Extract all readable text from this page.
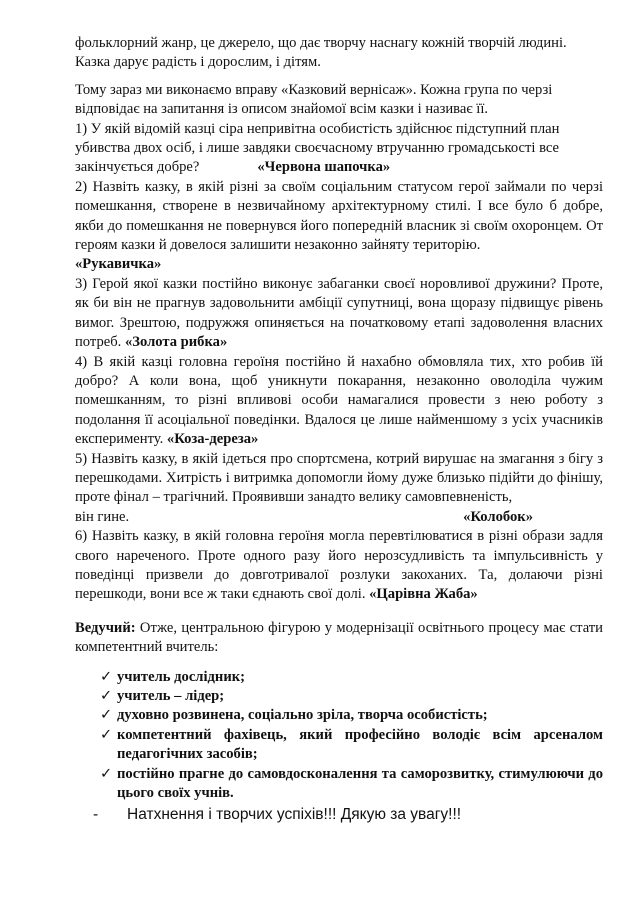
фольклорний жанр, це джерело, що дає творчу наснагу кожній творчій людині.

Казка дарує радість і дорослим, і дітям.

Тому зараз ми виконаємо вправу «Казковий вернісаж». Кожна група по черзі

відповідає на запитання із описом знайомої всім казки і називає її.

1) У якій відомій казці сіра непривітна особистість здійснює підступний план

убивства двох осіб, і лише завдяки своєчасному втручанню громадськості все

закінчується добре?	«Червона шапочка»

2) Назвіть казку, в якій різні за своїм соціальним статусом герої займали по черзі помешкання, створене в незвичайному архітектурному стилі. І все було б добре, якби до помешкання не повернувся його попередній власник зі своїм охоронцем. От героям казки й довелося залишити незаконно зайняту територію.

«Рукавичка»

3) Герой якої казки постійно виконує забаганки своєї норовливої дружини? Проте, як би він не прагнув задовольнити амбіції супутниці, вона щоразу підвищує рівень вимог. Зрештою, подружжя опиняється на початковому етапі задоволення власних потреб. «Золота рибка»

4) В якій казці головна героїня постійно й нахабно обмовляла тих, хто робив їй добро? А коли вона, щоб уникнути покарання, незаконно оволоділа чужим помешканням, то різні впливові особи намагалися провести з нею роботу з подолання її асоціальної поведінки. Вдалося це лише найменшому з усіх учасників експерименту. «Коза-дереза»

5) Назвіть казку, в якій ідеться про спортсмена, котрий вирушає на змагання з бігу з перешкодами. Хитрість і витримка допомогли йому дуже близько підійти до фінішу, проте фінал – трагічний. Проявивши занадто велику самовпевненість,

він гине.	«Колобок»

6) Назвіть казку, в якій головна героїня могла перевтілюватися в різні образи задля свого нареченого. Проте одного разу його нерозсудливість та імпульсивність у поведінці призвели до довготривалої розлуки закоханих. Та, долаючи різні перешкоди, вони все ж таки єднають свої долі. «Царівна Жаба»

Ведучий: Отже, центральною фігурою у модернізації освітнього процесу має стати компетентний вчитель:

✓ учитель дослідник;
✓ учитель – лідер;
✓ духовно розвинена, соціально зріла, творча особистість;
✓ компетентний фахівець, який професійно володіє всім арсеналом педагогічних засобів;
✓ постійно прагне до самовдосконалення та саморозвитку, стимулюючи до цього своїх учнів.
-	Натхнення і творчих успіхів!!! Дякую за увагу!!!
